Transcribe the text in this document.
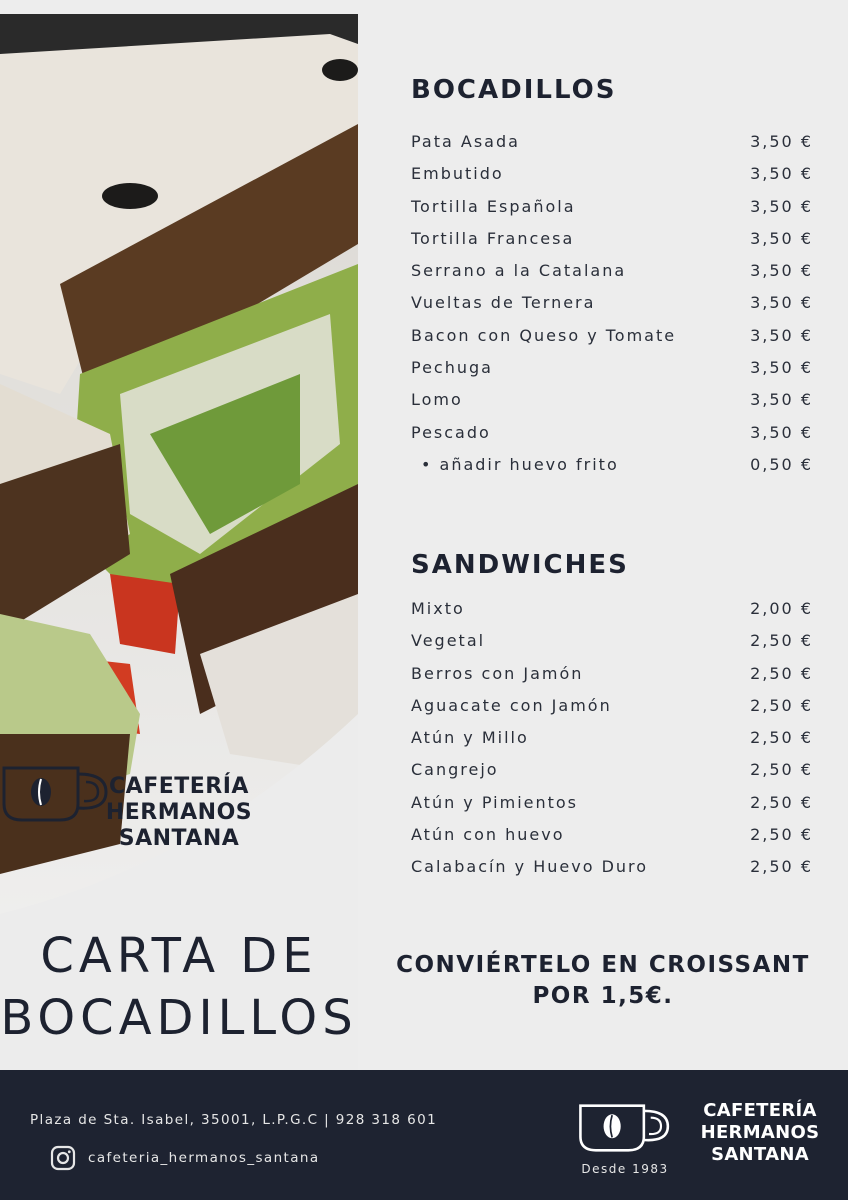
CAFETERÍA
HERMANOS
SANTANA
CARTA DE
BOCADILLOS
BOCADILLOS
Pata Asada	3,50 €
Embutido	3,50 €
Tortilla Española	3,50 €
Tortilla Francesa	3,50 €
Serrano a la Catalana	3,50 €
Vueltas de Ternera	3,50 €
Bacon con Queso y Tomate	3,50 €
Pechuga	3,50 €
Lomo	3,50 €
Pescado	3,50 €
• añadir huevo frito	0,50 €
SANDWICHES
Mixto	2,00 €
Vegetal	2,50 €
Berros con Jamón	2,50 €
Aguacate con Jamón	2,50 €
Atún y Millo	2,50 €
Cangrejo	2,50 €
Atún y Pimientos	2,50 €
Atún con huevo	2,50 €
Calabacín y Huevo Duro	2,50 €
CONVIÉRTELO EN CROISSANT
POR 1,5€.
Plaza de Sta. Isabel, 35001, L.P.G.C | 928 318 601
cafeteria_hermanos_santana
Desde 1983
CAFETERÍA
HERMANOS
SANTANA
